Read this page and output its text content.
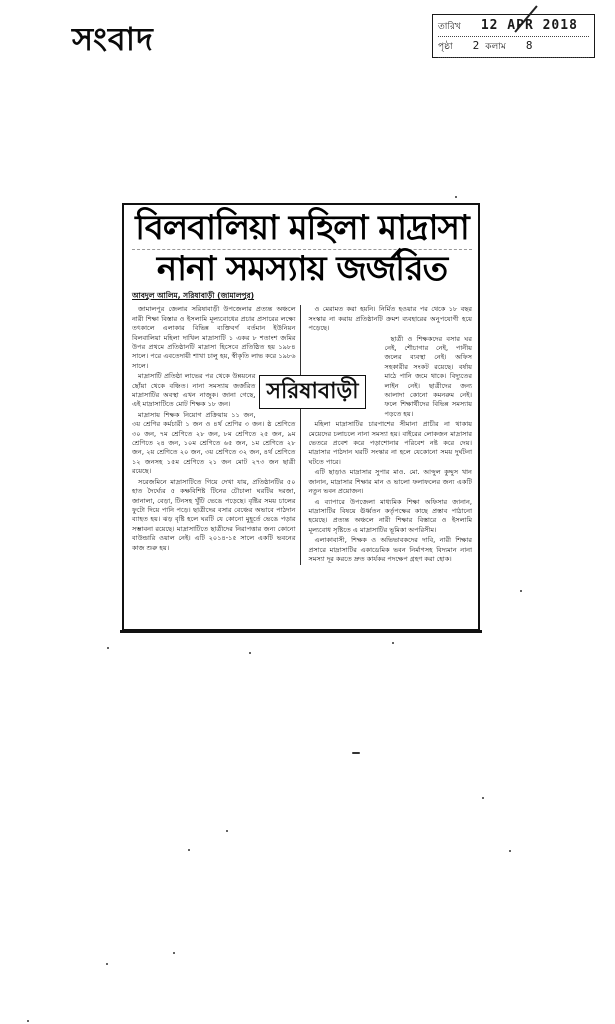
সংবাদ	তারিখ 12 APR 2018
পৃষ্ঠা 2 কলাম 8
বিলবালিয়া মহিলা মাদ্রাসা
নানা সমস্যায় জর্জরিত
আবদুল আলিম, সরিষাবাড়ী (জামালপুর)

জামালপুর জেলার সরিষাবাড়ী উপজেলার প্রত্যন্ত অঞ্চলে নারী শিক্ষা বিস্তার ও ইসলামি মূল্যবোধের প্রচার প্রসারের লক্ষ্যে তৎকালে এলাকার বিভিন্ন ব্যক্তিবর্গ বর্তমান ইউনিয়ন বিলবালিয়া মহিলা দাখিল মাদ্রাসাটি ১ একর ৮ শতাংশ জমির উপর প্রথমে প্রতিষ্ঠানটি মাদ্রাসা হিসেবে প্রতিষ্ঠিত হয় ১৯৮৪ সালে। পরে এবতেদায়ী শাখা চালু হয়, স্বীকৃতি লাভ করে ১৯৮৬ সালে।

সরিষাবাড়ী

মাদ্রাসাটি প্রতিষ্ঠা লাভের পর থেকে উন্নয়নের ছোঁয়া থেকে বঞ্চিত। নানা সমস্যায় জর্জরিত মাদ্রাসাটির অবস্থা এখন নাজুক। জানা গেছে, এই মাদ্রাসাটিতে মোট শিক্ষক ১৮ জন।

মাদ্রাসায় শিক্ষক নিয়োগ প্রক্রিয়ায় ১১ জন, ৩য় শ্রেণির কর্মচারী ১ জন ও ৪র্থ শ্রেণির ৩ জন। ষ্ঠ শ্রেণিতে ৩০ জন, ৭ম শ্রেণিতে ২৮ জন, ৮ম শ্রেণিতে ২৫ জন, ৯ম শ্রেণিতে ২৪ জন, ১০ম শ্রেণিতে ৬৫ জন, ১ম শ্রেণিতে ২৮ জন, ২য় শ্রেণিতে ২০ জন, ৩য় শ্রেণিতে ৩২ জন, ৪র্থ শ্রেণিতে ১২ জনসহ ১৫ম শ্রেণিতে ২১ জন মোট ২৭৩ জন ছাত্রী রয়েছে।

সরেজমিনে মাদ্রাসাটিতে গিয়ে দেখা যায়, প্রতিষ্ঠানটির ৫০ হাত দৈর্ঘ্যের ৫ কক্ষবিশিষ্ট টিনের চৌচালা ঘরটির দরজা, জানালা, বেড়া, টিনসহ খুঁটি ভেঙে পড়েছে। বৃষ্টির সময় চালের ফুটো দিয়ে পানি পড়ে। ছাত্রীদের বসার বেঞ্চের অভাবে পাঠদান ব্যাহত হয়। ঝড় বৃষ্টি হলে ঘরটি যে কোনো মুহূর্তে ভেঙে পড়ার সম্ভাবনা রয়েছে। মাদ্রাসাটিতে ছাত্রীদের নিরাপত্তার জন্য কোনো বাউন্ডারি ওয়াল নেই। এটি ২০১৪-১৫ সালে একটি ভবনের কাজ শুরু হয়।

ও মেরামত করা হয়নি। নির্মিত হওয়ার পর থেকে ১৮ বছর সংস্কার না করায় প্রতিষ্ঠানটি ক্রমশ ব্যবহারের অনুপযোগী হয়ে পড়েছে।

ছাত্রী ও শিক্ষকদের বসার ঘর নেই, শৌচাগার নেই, পানীয় জলের ব্যবস্থা নেই। অফিস সহকারীর সংকট রয়েছে। বর্ষায় মাঠে পানি জমে থাকে। বিদ্যুতের লাইন নেই। ছাত্রীদের জন্য আলাদা কোনো কমনরুম নেই। ফলে শিক্ষার্থীদের বিভিন্ন সমস্যায় পড়তে হয়।

মহিলা মাদ্রাসাটির চারপাশের সীমানা প্রাচীর না থাকায় মেয়েদের চলাচলে নানা সমস্যা হয়। বাইরের লোকজন মাদ্রাসার ভেতরে প্রবেশ করে পড়াশোনার পরিবেশ নষ্ট করে দেয়। মাদ্রাসার পাঠদান ঘরটি সংস্কার না হলে যেকোনো সময় দুর্ঘটনা ঘটতে পারে।

এটি ছাড়াও মাদ্রাসার সুপার মাও. মো. আব্দুল কুদ্দুস খান জানান, মাদ্রাসার শিক্ষার মান ও ভালো ফলাফলের জন্য একটি নতুন ভবন প্রয়োজন।

এ ব্যাপারে উপজেলা মাধ্যমিক শিক্ষা অফিসার জানান, মাদ্রাসাটির বিষয়ে ঊর্ধ্বতন কর্তৃপক্ষের কাছে প্রস্তাব পাঠানো হয়েছে। প্রত্যন্ত অঞ্চলে নারী শিক্ষার বিস্তারে ও ইসলামি মূল্যবোধ সৃষ্টিতে এ মাদ্রাসাটির ভূমিকা অপরিসীম।

এলাকাবাসী, শিক্ষক ও অভিভাবকদের দাবি, নারী শিক্ষার প্রসারে মাদ্রাসাটির একাডেমিক ভবন নির্মাণসহ বিদ্যমান নানা সমস্যা দূর করতে দ্রুত কার্যকর পদক্ষেপ গ্রহণ করা হোক।
